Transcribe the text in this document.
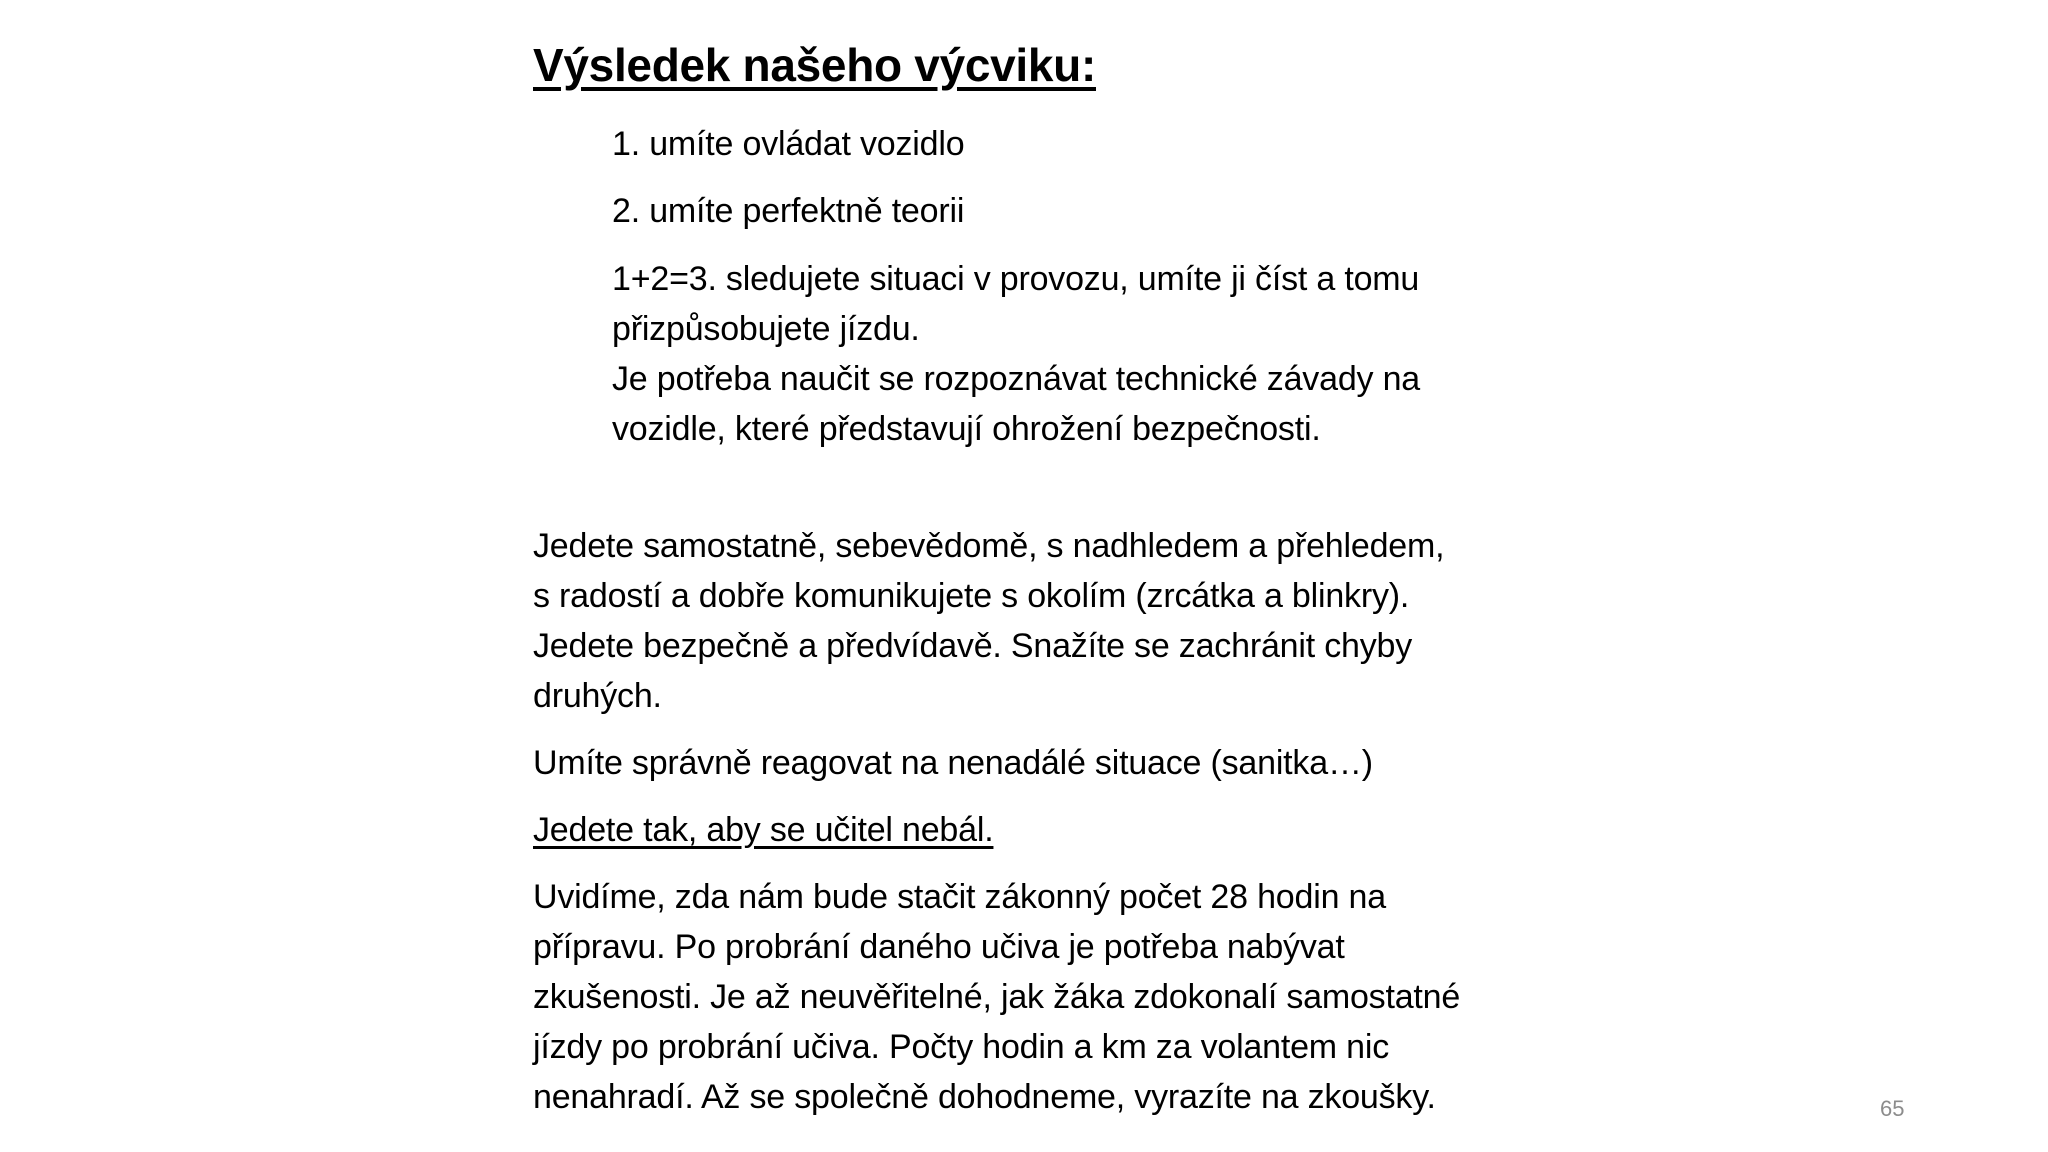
Výsledek našeho výcviku:

1. umíte ovládat vozidlo

2. umíte perfektně teorii

1+2=3. sledujete situaci v provozu, umíte ji číst a tomu

přizpůsobujete jízdu.

Je potřeba naučit se rozpoznávat technické závady na

vozidle, které představují ohrožení bezpečnosti.

Jedete samostatně, sebevědomě, s nadhledem a přehledem,

s radostí a dobře komunikujete s okolím (zrcátka a blinkry).

Jedete bezpečně a předvídavě. Snažíte se zachránit chyby

druhých.

Umíte správně reagovat na nenadálé situace (sanitka…)

Jedete tak, aby se učitel nebál.

Uvidíme, zda nám bude stačit zákonný počet 28 hodin na

přípravu. Po probrání daného učiva je potřeba nabývat

zkušenosti. Je až neuvěřitelné, jak žáka zdokonalí samostatné

jízdy po probrání učiva. Počty hodin a km za volantem nic

nenahradí. Až se společně dohodneme, vyrazíte na zkoušky.	65
